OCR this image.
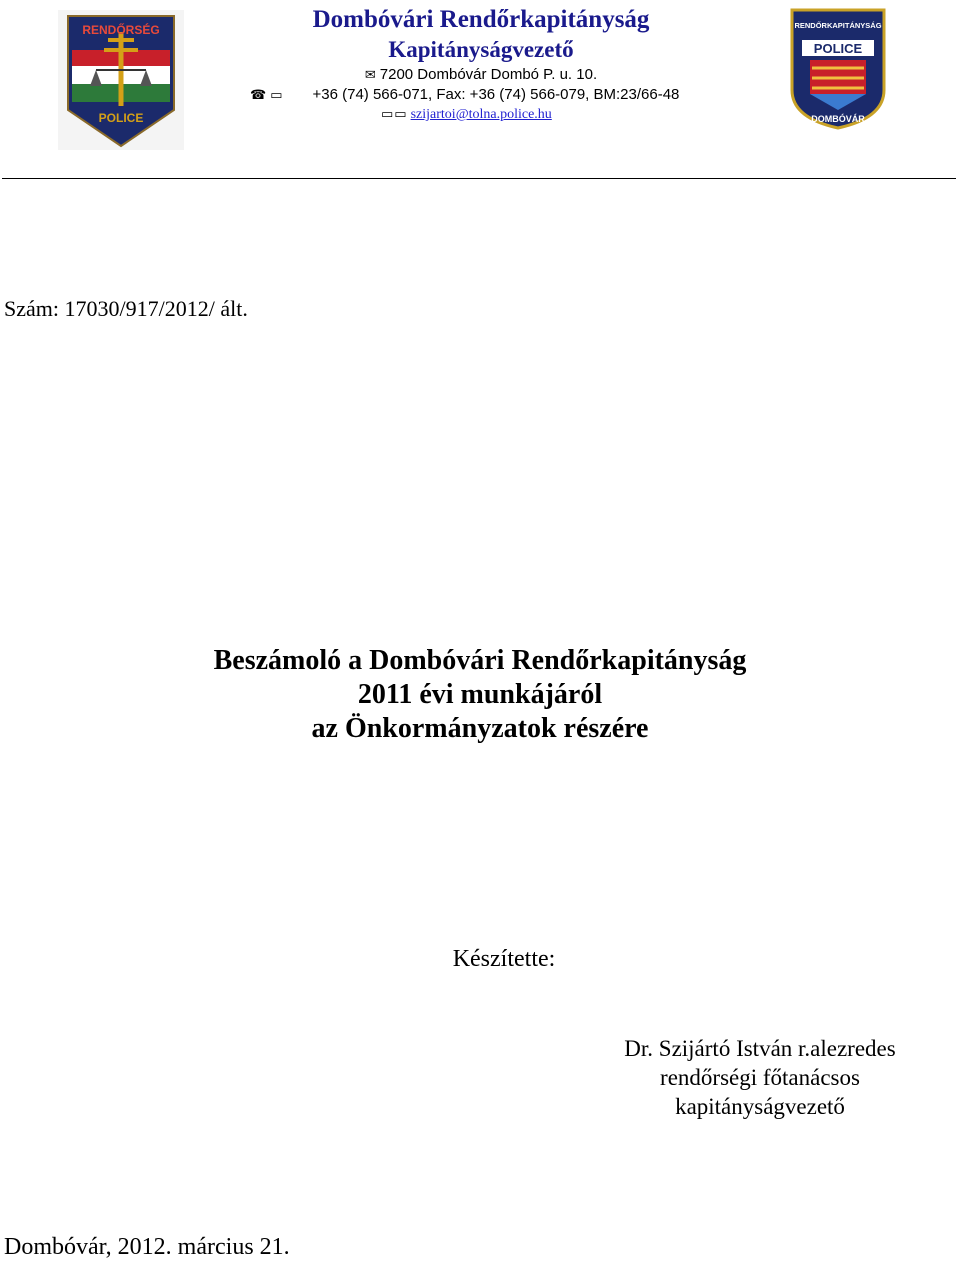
RENDŐRSÉG
POLICE
Dombóvári Rendőrkapitányság
Kapitányságvezető
✉ 7200 Dombóvár Dombó P. u. 10.
☎ ▭ +36 (74) 566-071, Fax: +36 (74) 566-079, BM:23/66-48
▭▭ szijartoi@tolna.police.hu
RENDŐRKAPITÁNYSÁG
POLICE
DOMBÓVÁR
Szám: 17030/917/2012/ ált.
Beszámoló a Dombóvári Rendőrkapitányság
2011 évi munkájáról
az Önkormányzatok részére
Készítette:
Dr. Szijártó István r.alezredes
rendőrségi főtanácsos
kapitányságvezető
Dombóvár, 2012. március 21.
